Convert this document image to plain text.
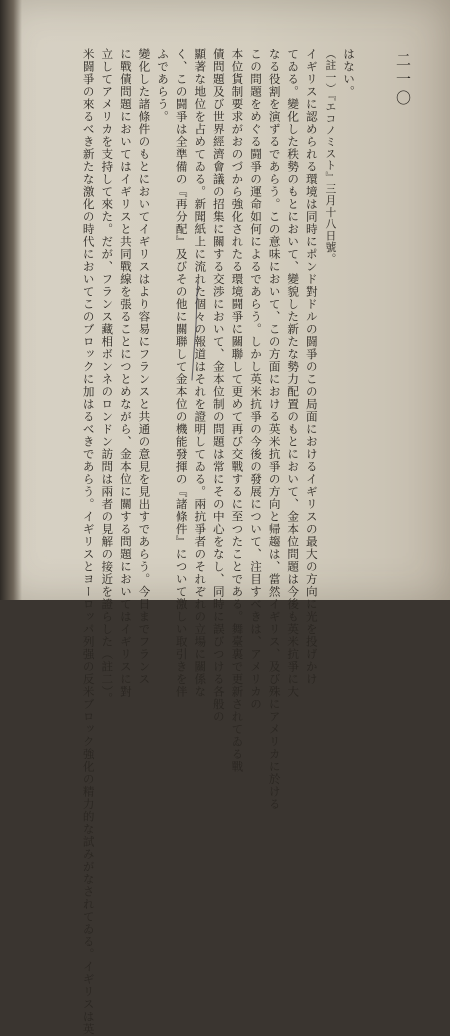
二一〇
はない。
（註一）『エコノミスト』三月十八日號。
イギリスに認められる環境は同時にポンド對ドルの闘爭のこの局面におけるイギリスの最大の方向に光を投げかけ
てゐる。變化した秩勢のもとにおいて、變貌した新たな勢力配置のもとにおいて、金本位問題は今後も英米抗爭に大
なる役割を演ずるであらう。この意味において、この方面における英米抗爭の方向と帰趨は、當然イギリス、及び殊にアメリカに於ける
この問題をめぐる闘爭の運命如何によるであらう。しかし英米抗爭の今後の發展について、注目すべきは、アメリカの
本位貨制要求がおのづから強化されたる環境闘爭に關聯して更めて再び交戰するに至つたことである。舞臺裏で更新されてゐる戰
債問題及び世界經濟會議の招集に關する交渉において、金本位制の問題は常にその中心をなし、同時に誤びつける各般の
顯著な地位を占めてゐる。新聞紙上に流れた個々の報道はそれを證明してゐる。兩抗爭者のそれぞれの立場に關係な
く、この闘爭は全準備の『再分配』及びその他に關聯して金本位の機能發揮の『諸條件』について激しい取引きを伴
ふであらう。
變化した諸條件のもとにおいてイギリスはより容易にフランスと共通の意見を見出すであらう。今日までフランス
に戰債問題においてはイギリスと共同戰線を張ることにつとめながら、金本位に關する問題においてはイギリスに對
立してアメリカを支持して來た。だが、フランス藏相ボンネのロンドン訪問は兩者の見解の接近を證らした（註二）。
米闘爭の來るべき新たな激化の時代においてこのブロックに加はるべきであらう。イギリスとヨーロッパ列强の反米ブロック強化の精力的な試みがなされてゐる。イギリスは英
